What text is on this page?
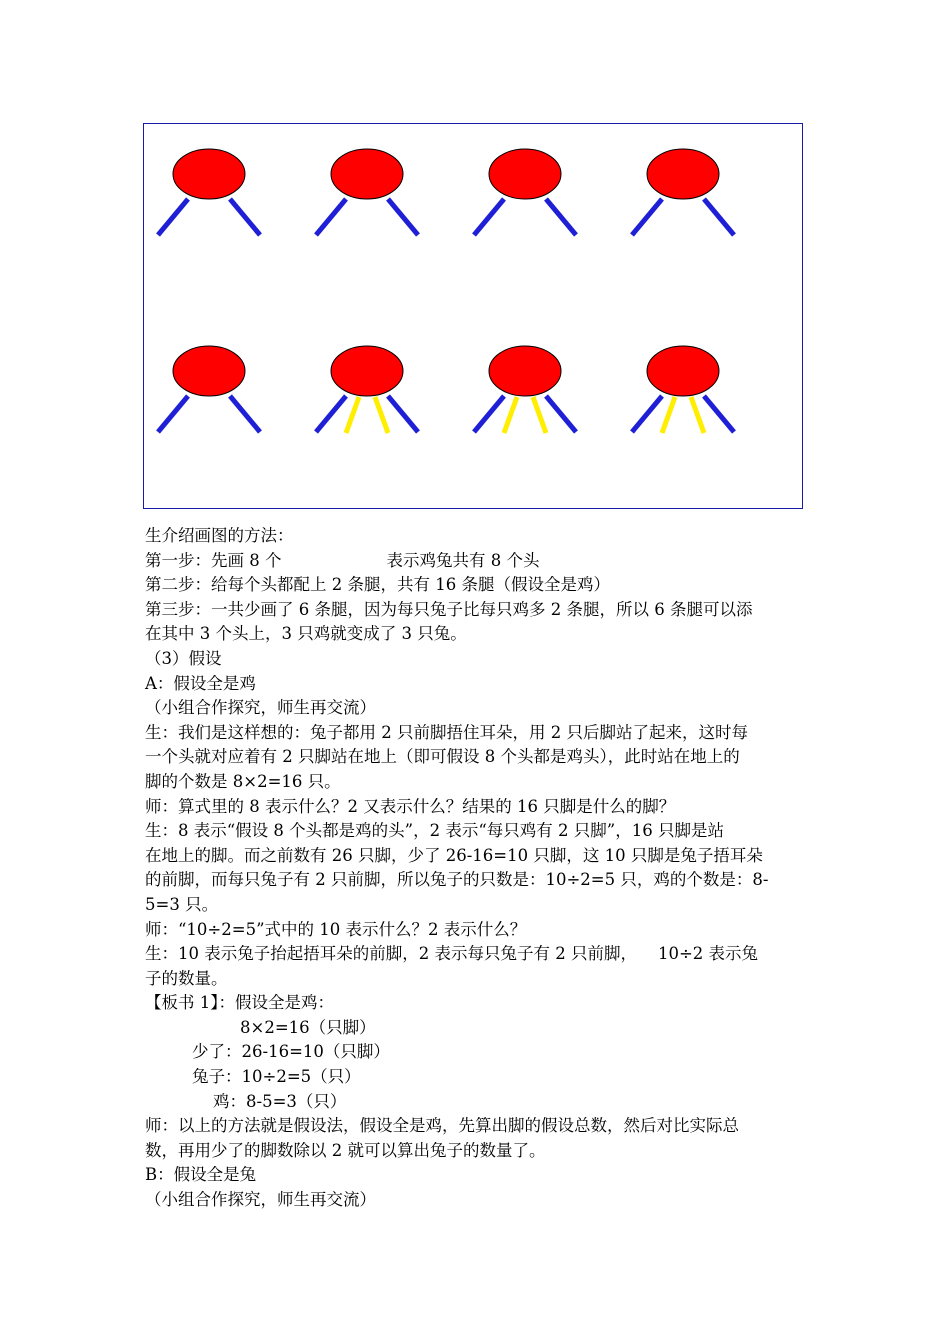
生介绍画图的方法：
第一步：先画 8 个	表示鸡兔共有 8 个头
第二步：给每个头都配上 2 条腿，共有 16 条腿（假设全是鸡）
第三步：一共少画了 6 条腿，因为每只兔子比每只鸡多 2 条腿，所以 6 条腿可以添
在其中 3 个头上，3 只鸡就变成了 3 只兔。
（3）假设
A：假设全是鸡
（小组合作探究，师生再交流）
生：我们是这样想的：兔子都用 2 只前脚捂住耳朵，用 2 只后脚站了起来，这时每
一个头就对应着有 2 只脚站在地上（即可假设 8 个头都是鸡头），此时站在地上的
脚的个数是 8×2=16 只。
师：算式里的 8 表示什么？2 又表示什么？结果的 16 只脚是什么的脚？
生：8 表示“假设 8 个头都是鸡的头”，2 表示“每只鸡有 2 只脚”，16 只脚是站
在地上的脚。而之前数有 26 只脚，少了 26-16=10 只脚，这 10 只脚是兔子捂耳朵
的前脚，而每只兔子有 2 只前脚，所以兔子的只数是：10÷2=5 只，鸡的个数是：8-
5=3 只。
师：“10÷2=5”式中的 10 表示什么？2 表示什么？
生：10 表示兔子抬起捂耳朵的前脚，2 表示每只兔子有 2 只前脚，    10÷2 表示兔
子的数量。
【板书 1】：假设全是鸡：
8×2=16（只脚）
少了：26-16=10（只脚）
兔子：10÷2=5（只）
鸡：8-5=3（只）
师：以上的方法就是假设法，假设全是鸡，先算出脚的假设总数，然后对比实际总
数，再用少了的脚数除以 2 就可以算出兔子的数量了。
B：假设全是兔
（小组合作探究，师生再交流）
